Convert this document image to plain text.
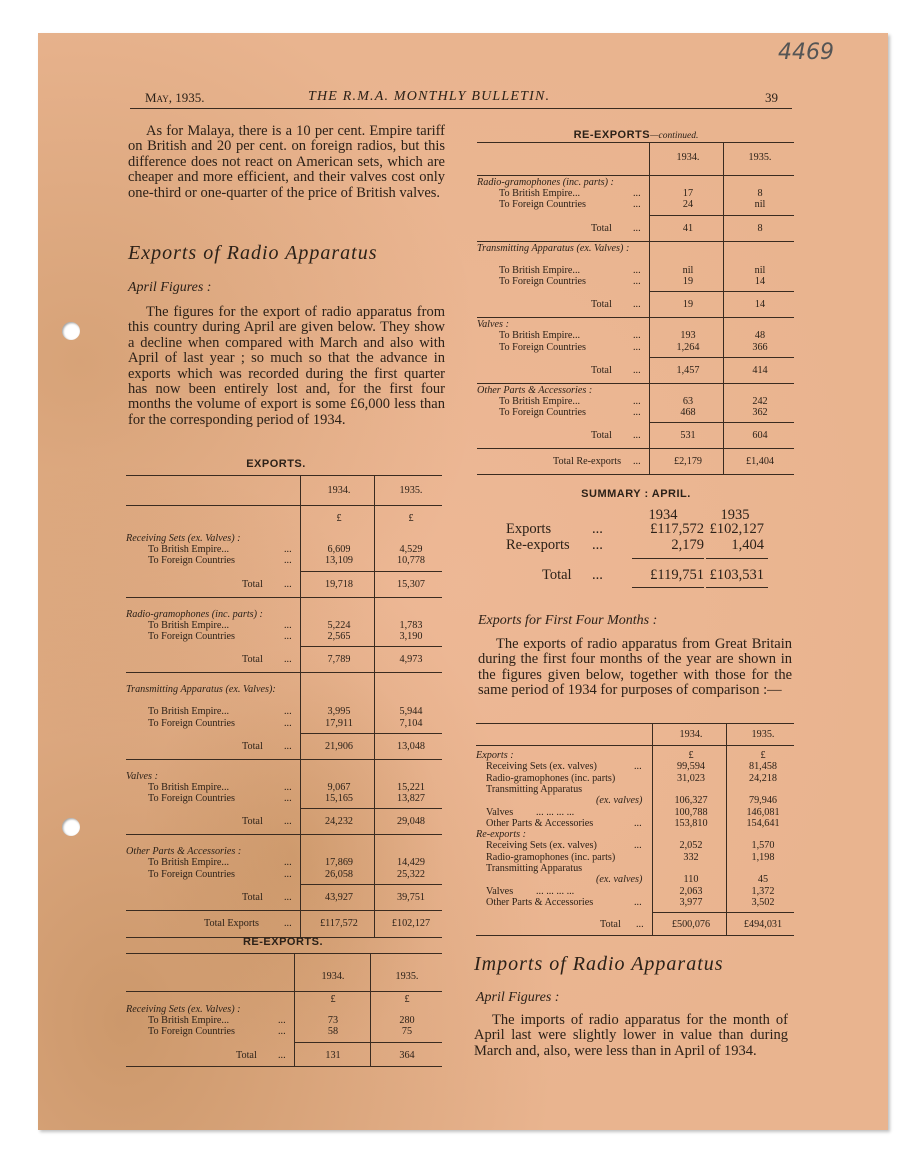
May, 1935.	THE R.M.A. MONTHLY BULLETIN.	39
4469

As for Malaya, there is a 10 per cent. Empire tariff on British and 20 per cent. on foreign radios, but this difference does not react on American sets, which are cheaper and more efficient, and their valves cost only one-third or one-quarter of the price of British valves.

Exports of Radio Apparatus
April Figures :

The figures for the export of radio apparatus from this country during April are given below. They show a decline when compared with March and also with April of last year ; so much so that the advance in exports which was recorded during the first quarter has now been entirely lost and, for the first four months the volume of export is some £6,000 less than for the corresponding period of 1934.

EXPORTS.
1934.	1935.
£	£
Receiving Sets (ex. Valves) :
To British Empire...	...	6,609	4,529
To Foreign Countries	...	13,109	10,778
Total ...	19,718	15,307
Radio-gramophones (inc. parts) :
To British Empire...	...	5,224	1,783
To Foreign Countries	...	2,565	3,190
Total ...	7,789	4,973
Transmitting Apparatus (ex. Valves):
To British Empire...	...	3,995	5,944
To Foreign Countries	...	17,911	7,104
Total ...	21,906	13,048
Valves :
To British Empire...	...	9,067	15,221
To Foreign Countries	...	15,165	13,827
Total ...	24,232	29,048
Other Parts & Accessories :
To British Empire...	...	17,869	14,429
To Foreign Countries	...	26,058	25,322
Total ...	43,927	39,751
Total Exports ...	£117,572	£102,127
RE-EXPORTS.
1934.	1935.
£	£
Receiving Sets (ex. Valves) :
To British Empire...	...	73	280
To Foreign Countries	...	58	75
Total ...	131	364
RE-EXPORTS—continued.
1934.	1935.
Radio-gramophones (inc. parts) :
To British Empire...	...	17	8
To Foreign Countries	...	24	nil
Total ...	41	8
Transmitting Apparatus (ex. Valves) :
To British Empire...	...	nil	nil
To Foreign Countries	...	19	14
Total ...	19	14
Valves :
To British Empire...	...	193	48
To Foreign Countries	...	1,264	366
Total ...	1,457	414
Other Parts & Accessories :
To British Empire...	...	63	242
To Foreign Countries	...	468	362
Total ...	531	604
Total Re-exports ...	£2,179	£1,404
SUMMARY : APRIL.
1934	1935
Exports	...	£117,572 £102,127
Re-exports ...	2,179	1,404
Total ...	£119,751 £103,531
Exports for First Four Months :

The exports of radio apparatus from Great Britain during the first four months of the year are shown in the figures given below, together with those for the same period of 1934 for purposes of comparison :—

1934.	1935.
£	£
Exports :
Receiving Sets (ex. valves)	...	99,594	81,458
Radio-gramophones (inc. parts)	31,023	24,218
Transmitting Apparatus
(ex. valves)	106,327	79,946
Valves ... ... ... ...	100,788	146,081
Other Parts & Accessories	...	153,810	154,641
Re-exports :
Receiving Sets (ex. valves)	...	2,052	1,570
Radio-gramophones (inc. parts)	332	1,198
Transmitting Apparatus
(ex. valves)	110	45
Valves ... ... ... ...	2,063	1,372
Other Parts & Accessories	...	3,977	3,502
Total ...	£500,076	£494,031
Imports of Radio Apparatus
April Figures :

The imports of radio apparatus for the month of April last were slightly lower in value than during March and, also, were less than in April of 1934.
